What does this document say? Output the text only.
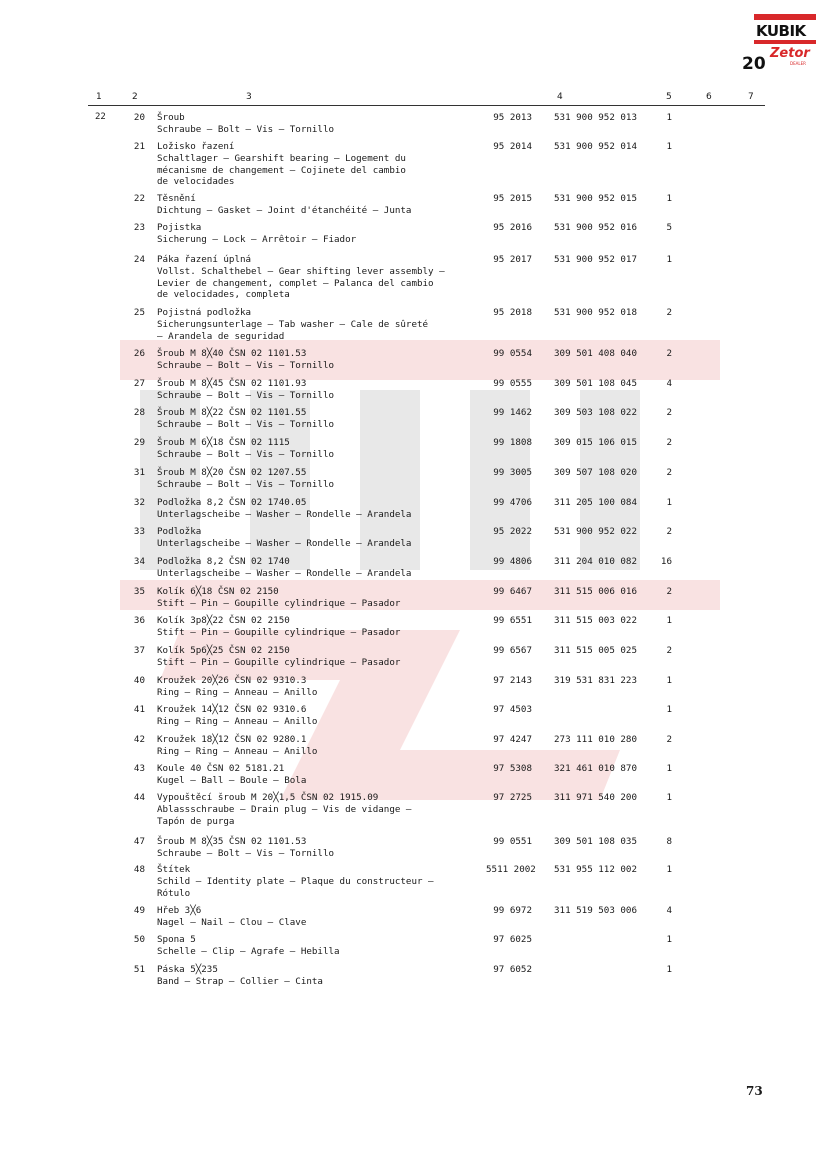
KUBIK
Zetor
DEALER
20
1	2	3	4	5	6	7
22	20 Šroub
Schraube — Bolt — Vis — Tornillo
95 2013 531 900 952 013	1
21 Ložisko řazení
Schaltlager — Gearshift bearing — Logement du
mécanisme de changement — Cojinete del cambio
de velocidades
95 2014 531 900 952 014	1
22 Těsnění
Dichtung — Gasket — Joint d'étanchéité — Junta
95 2015 531 900 952 015	1
23 Pojistka
Sicherung — Lock — Arrêtoir — Fiador
95 2016 531 900 952 016	5
24 Páka řazení úplná
Vollst. Schalthebel — Gear shifting lever assembly —
Levier de changement, complet — Palanca del cambio
de velocidades, completa
95 2017 531 900 952 017	1
25 Pojistná podložka
Sicherungsunterlage — Tab washer — Cale de sûreté
— Arandela de seguridad
95 2018 531 900 952 018	2
26 Šroub M 8╳40 ČSN 02 1101.53
Schraube — Bolt — Vis — Tornillo
99 0554 309 501 408 040	2
27 Šroub M 8╳45 ČSN 02 1101.93
Schraube — Bolt — Vis — Tornillo
99 0555 309 501 108 045	4
28 Šroub M 8╳22 ČSN 02 1101.55
Schraube — Bolt — Vis — Tornillo
99 1462 309 503 108 022	2
29 Šroub M 6╳18 ČSN 02 1115
Schraube — Bolt — Vis — Tornillo
99 1808 309 015 106 015	2
31 Šroub M 8╳20 ČSN 02 1207.55
Schraube — Bolt — Vis — Tornillo
99 3005 309 507 108 020	2
32 Podložka 8,2 ČSN 02 1740.05
Unterlagscheibe — Washer — Rondelle — Arandela
99 4706 311 205 100 084	1
33 Podložka
Unterlagscheibe — Washer — Rondelle — Arandela
95 2022 531 900 952 022	2
34 Podložka 8,2 ČSN 02 1740
Unterlagscheibe — Washer — Rondelle — Arandela
99 4806 311 204 010 082	16
35 Kolík 6╳18 ČSN 02 2150
Stift — Pin — Goupille cylindrique — Pasador
99 6467 311 515 006 016	2
36 Kolík 3p8╳22 ČSN 02 2150
Stift — Pin — Goupille cylindrique — Pasador
99 6551 311 515 003 022	1
37 Kolík 5p6╳25 ČSN 02 2150
Stift — Pin — Goupille cylindrique — Pasador
99 6567 311 515 005 025	2
40 Kroužek 20╳26 ČSN 02 9310.3
Ring — Ring — Anneau — Anillo
97 2143 319 531 831 223	1
41 Kroužek 14╳12 ČSN 02 9310.6
Ring — Ring — Anneau — Anillo
97 4503	1
42 Kroužek 18╳12 ČSN 02 9280.1
Ring — Ring — Anneau — Anillo
97 4247 273 111 010 280	2
43 Koule 40 ČSN 02 5181.21
Kugel — Ball — Boule — Bola
97 5308 321 461 010 870	1
44 Vypouštěcí šroub M 20╳1,5 ČSN 02 1915.09
Ablassschraube — Drain plug — Vis de vidange —
Tapón de purga
97 2725 311 971 540 200	1
47 Šroub M 8╳35 ČSN 02 1101.53
Schraube — Bolt — Vis — Tornillo
99 0551 309 501 108 035	8
48 Štítek
Schild — Identity plate — Plaque du constructeur —
Rótulo
5511 2002 531 955 112 002	1
49 Hřeb 3╳6
Nagel — Nail — Clou — Clave
99 6972 311 519 503 006	4
50 Spona 5
Schelle — Clip — Agrafe — Hebilla
97 6025	1
51 Páska 5╳235
Band — Strap — Collier — Cinta
97 6052	1
73
